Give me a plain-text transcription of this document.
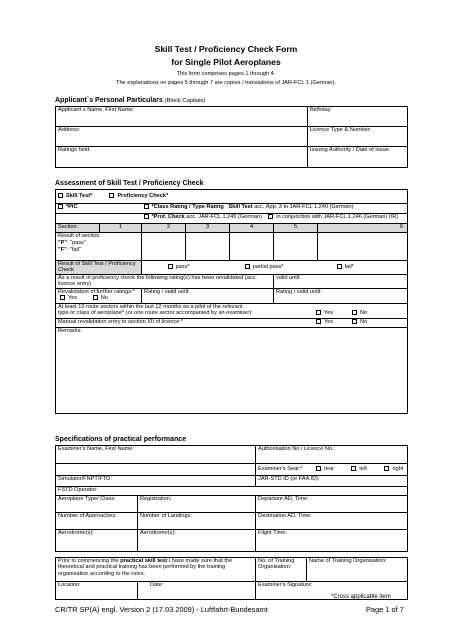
Skill Test / Proficiency Check Form
for Single Pilot Aeroplanes
This form comprises pages 1 through 4.
The explanations on pages 5 through 7 are copies / translations of JAR-FCL 1 (German).
Applicant`s Personal Particulars (Block Capitals)
Applicant`s Name, First Name:	Birthday:
Address:	Licence Type & Number:
Ratings held:	Issuing Authority / Date of Issue:
Assessment of Skill Test / Proficiency Check
Skill Test* Proficiency Check*						
*PIC		*Class Rating / Type Rating Skill Test acc. App. 3 to JAR-FCL 1.240 (German)				
		*Prof. Check acc. JAR-FCL 1.245 (German) in conjunction with JAR-FCL 1.246 (German) (IR)				
Section	1	2	3	4	5	6

Result of section
"P": "pass"
"F": "fail"						

Result of Skill Test / Proficiency Check		pass* partial pass* fail*				
As a result of proficiency check the following rating(s) has been revalidated (acc. licence entry)					valid until:	

Revalidation of further ratings:*
Yes No		Rating / valid until:			Rating / valid until:	

At least 10 route sectors within the last 12 months as a pilot of the relevant
type or class of aeroplane* (or one route sector accompanied by an examiner): Yes No						

Manual revalidation entry in section XII of licence:* Yes No						

Remarks:						
Specifications of practical performance
Examiner's Name, First Name:		Authorisation No./ Licence No.:	
		Examiner's Seat:* rear left right	
Simulator/FNPT/FTD:		JAR-STD ID (or FAA ID):	
FSTD Operator:			
Aeroplane Type/ Class:	Registration:	Departure AD, Time:	
Number of Approaches:	Number of Landings:	Destination AD, Time:	
Aerodrome(s):	Aerodrome(s):	Flight Time:	

Prior to commencing the practical skill test I have made sure that the theoretical and practical training has been performed by the training organisation according to the rules.		No. of Training Organisation:	Name of Training Organisation:
Location:	Date:	Examiner's Signature:	
*Cross applicable item
CR/TR SP(A) engl. Version 2 (17.03.2009) - Luftfahrt-Bundesamt	Page 1 of 7
